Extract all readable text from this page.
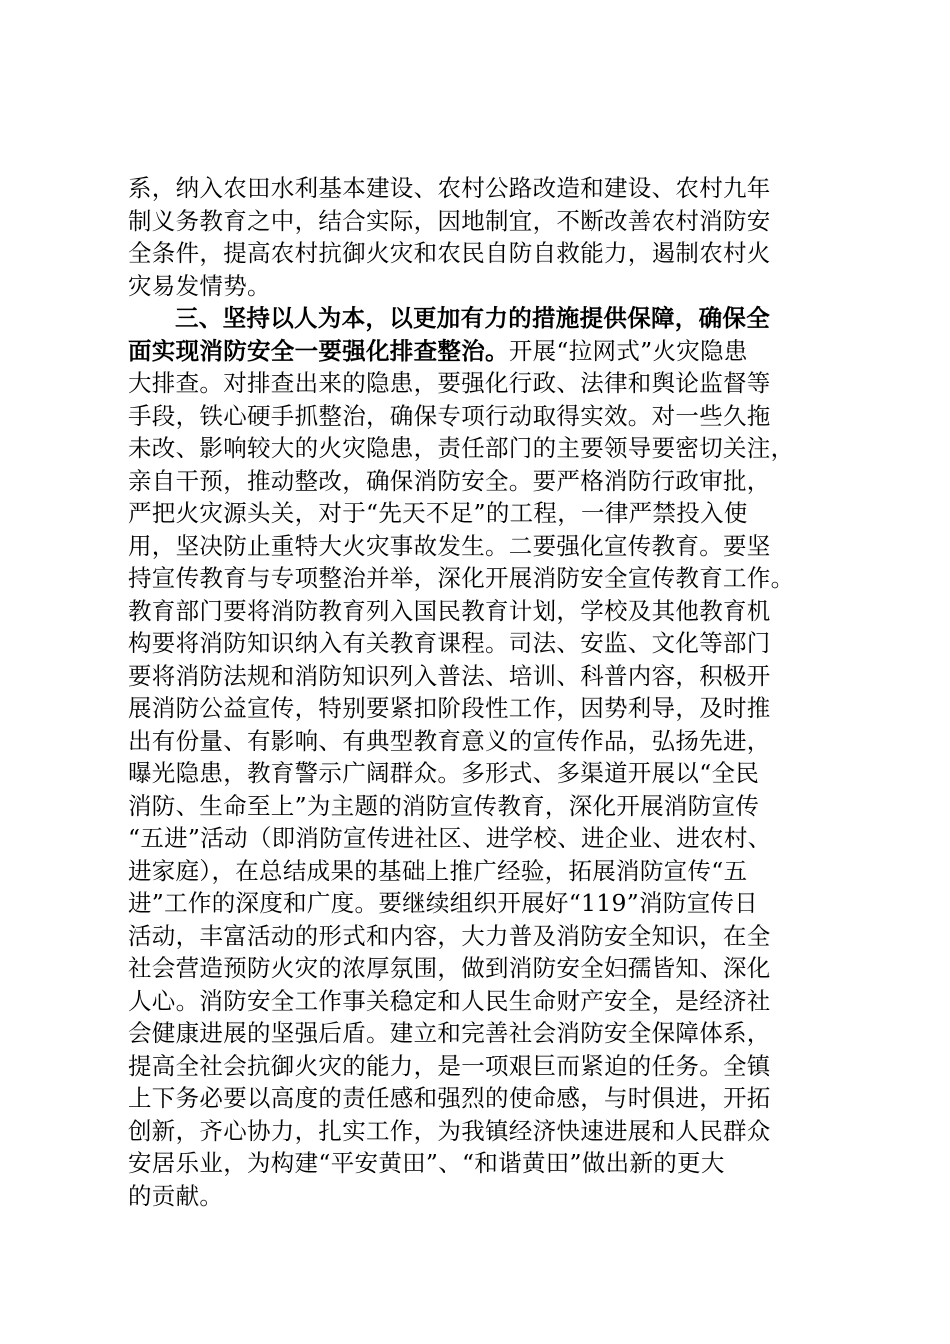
系，纳入农田水利基本建设、农村公路改造和建设、农村九年
制义务教育之中，结合实际，因地制宜，不断改善农村消防安
全条件，提高农村抗御火灾和农民自防自救能力，遏制农村火
灾易发情势。
三、坚持以人为本，以更加有力的措施提供保障，确保全
面实现消防安全一要强化排查整治。开展“拉网式”火灾隐患
大排查。对排查出来的隐患，要强化行政、法律和舆论监督等
手段，铁心硬手抓整治，确保专项行动取得实效。对一些久拖
未改、影响较大的火灾隐患，责任部门的主要领导要密切关注，
亲自干预，推动整改，确保消防安全。要严格消防行政审批，
严把火灾源头关，对于“先天不足”的工程，一律严禁投入使
用，坚决防止重特大火灾事故发生。二要强化宣传教育。要坚
持宣传教育与专项整治并举，深化开展消防安全宣传教育工作。
教育部门要将消防教育列入国民教育计划，学校及其他教育机
构要将消防知识纳入有关教育课程。司法、安监、文化等部门
要将消防法规和消防知识列入普法、培训、科普内容，积极开
展消防公益宣传，特别要紧扣阶段性工作，因势利导，及时推
出有份量、有影响、有典型教育意义的宣传作品，弘扬先进，
曝光隐患，教育警示广阔群众。多形式、多渠道开展以“全民
消防、生命至上”为主题的消防宣传教育，深化开展消防宣传
“五进”活动（即消防宣传进社区、进学校、进企业、进农村、
进家庭），在总结成果的基础上推广经验，拓展消防宣传“五
进”工作的深度和广度。要继续组织开展好“119”消防宣传日
活动，丰富活动的形式和内容，大力普及消防安全知识，在全
社会营造预防火灾的浓厚氛围，做到消防安全妇孺皆知、深化
人心。消防安全工作事关稳定和人民生命财产安全，是经济社
会健康进展的坚强后盾。建立和完善社会消防安全保障体系，
提高全社会抗御火灾的能力，是一项艰巨而紧迫的任务。全镇
上下务必要以高度的责任感和强烈的使命感，与时俱进，开拓
创新，齐心协力，扎实工作，为我镇经济快速进展和人民群众
安居乐业，为构建“平安黄田”、“和谐黄田”做出新的更大
的贡献。
